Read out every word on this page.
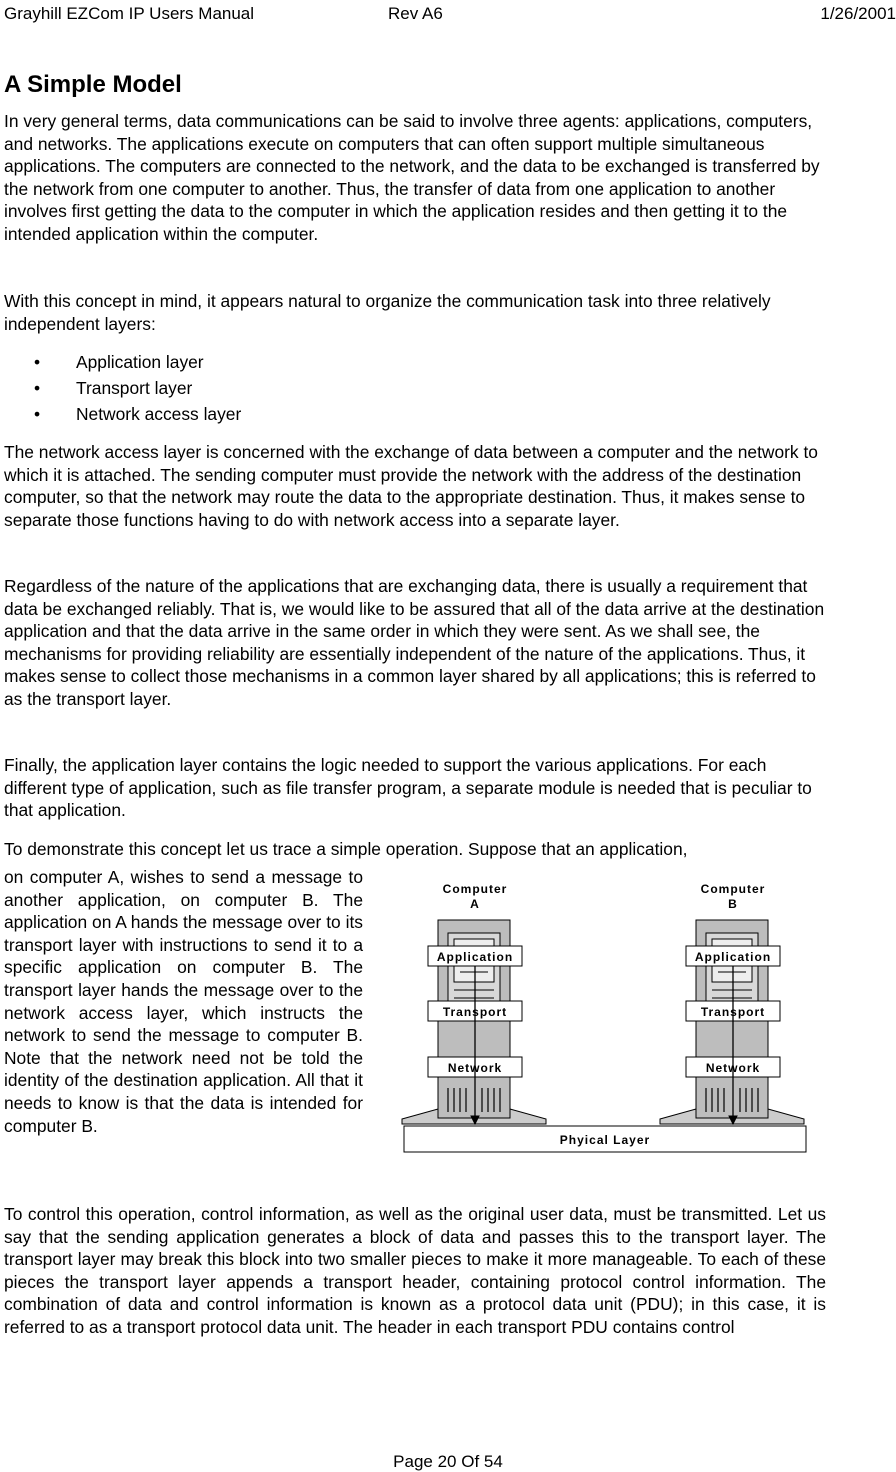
Grayhill EZCom IP Users Manual	Rev A6	1/26/2001
A Simple Model
In very general terms, data communications can be said to involve three agents: applications, computers, and networks. The applications execute on computers that can often support multiple simultaneous applications. The computers are connected to the network, and the data to be exchanged is transferred by the network from one computer to another. Thus, the transfer of data from one application to another involves first getting the data to the computer in which the application resides and then getting it to the intended application within the computer.
With this concept in mind, it appears natural to organize the communication task into three relatively independent layers:
• Application layer
• Transport layer
• Network access layer
The network access layer is concerned with the exchange of data between a computer and the network to which it is attached. The sending computer must provide the network with the address of the destination computer, so that the network may route the data to the appropriate destination. Thus, it makes sense to separate those functions having to do with network access into a separate layer.
Regardless of the nature of the applications that are exchanging data, there is usually a requirement that data be exchanged reliably. That is, we would like to be assured that all of the data arrive at the destination application and that the data arrive in the same order in which they were sent. As we shall see, the mechanisms for providing reliability are essentially independent of the nature of the applications. Thus, it makes sense to collect those mechanisms in a common layer shared by all applications; this is referred to as the transport layer.
Finally, the application layer contains the logic needed to support the various applications. For each different type of application, such as file transfer program, a separate module is needed that is peculiar to that application.
To demonstrate this concept let us trace a simple operation. Suppose that an application,
on computer A, wishes to send a message to another application, on computer B. The application on A hands the message over to its transport layer with instructions to send it to a specific application on computer B. The transport layer hands the message over to the network access layer, which instructs the network to send the message to computer B. Note that the network need not be told the identity of the destination application. All that it needs to know is that the data is intended for computer B.
Computer
A
Computer
B
Application
Transport
Network
Application
Transport
Network
Phyical Layer
To control this operation, control information, as well as the original user data, must be transmitted. Let us say that the sending application generates a block of data and passes this to the transport layer. The transport layer may break this block into two smaller pieces to make it more manageable. To each of these pieces the transport layer appends a transport header, containing protocol control information. The combination of data and control information is known as a protocol data unit (PDU); in this case, it is referred to as a transport protocol data unit. The header in each transport PDU contains control
Page 20 Of 54
